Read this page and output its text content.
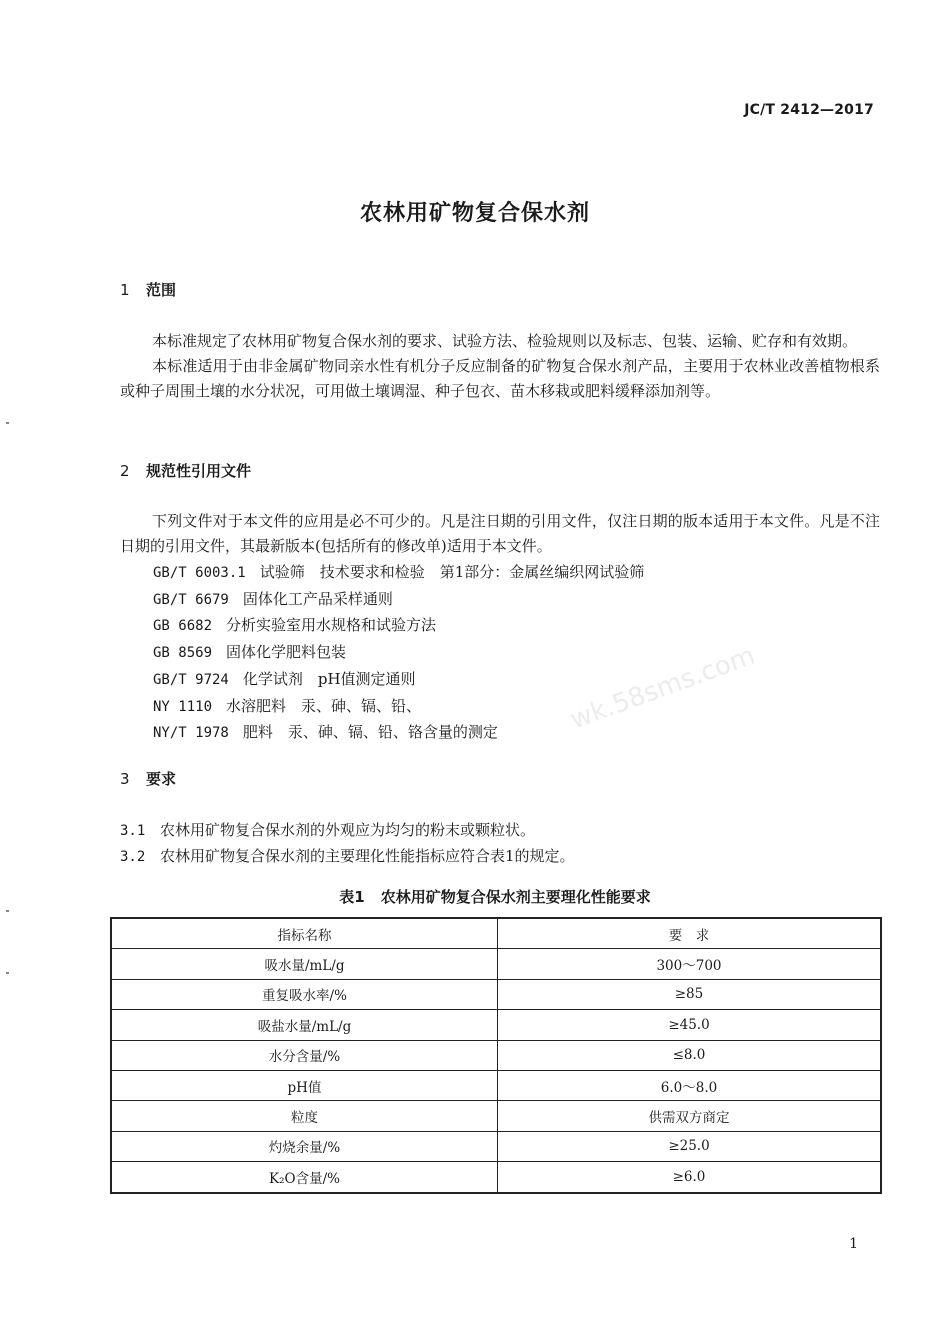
JC/T 2412—2017
农林用矿物复合保水剂
wk.58sms.com
1 范围

本标准规定了农林用矿物复合保水剂的要求、试验方法、检验规则以及标志、包装、运输、贮存和有效期。

本标准适用于由非金属矿物同亲水性有机分子反应制备的矿物复合保水剂产品，主要用于农林业改善植物根系或种子周围土壤的水分状况，可用做土壤调湿、种子包衣、苗木移栽或肥料缓释添加剂等。

2 规范性引用文件

下列文件对于本文件的应用是必不可少的。凡是注日期的引用文件，仅注日期的版本适用于本文件。凡是不注日期的引用文件，其最新版本(包括所有的修改单)适用于本文件。

GB/T 6003.1 试验筛　技术要求和检验　第1部分：金属丝编织网试验筛
GB/T 6679 固体化工产品采样通则
GB 6682 分析实验室用水规格和试验方法
GB 8569 固体化学肥料包装
GB/T 9724 化学试剂　pH值测定通则
NY 1110 水溶肥料　汞、砷、镉、铅、
NY/T 1978 肥料　汞、砷、镉、铅、铬含量的测定
3 要求
3.1 农林用矿物复合保水剂的外观应为均匀的粉末或颗粒状。
3.2 农林用矿物复合保水剂的主要理化性能指标应符合表1的规定。
表1 农林用矿物复合保水剂主要理化性能要求
指标名称	要　求
吸水量/mL/g	300～700
重复吸水率/%	≥85
吸盐水量/mL/g	≥45.0
水分含量/%	≤8.0
pH值	6.0～8.0
粒度	供需双方商定
灼烧余量/%	≥25.0
K₂O含量/%	≥6.0
1
